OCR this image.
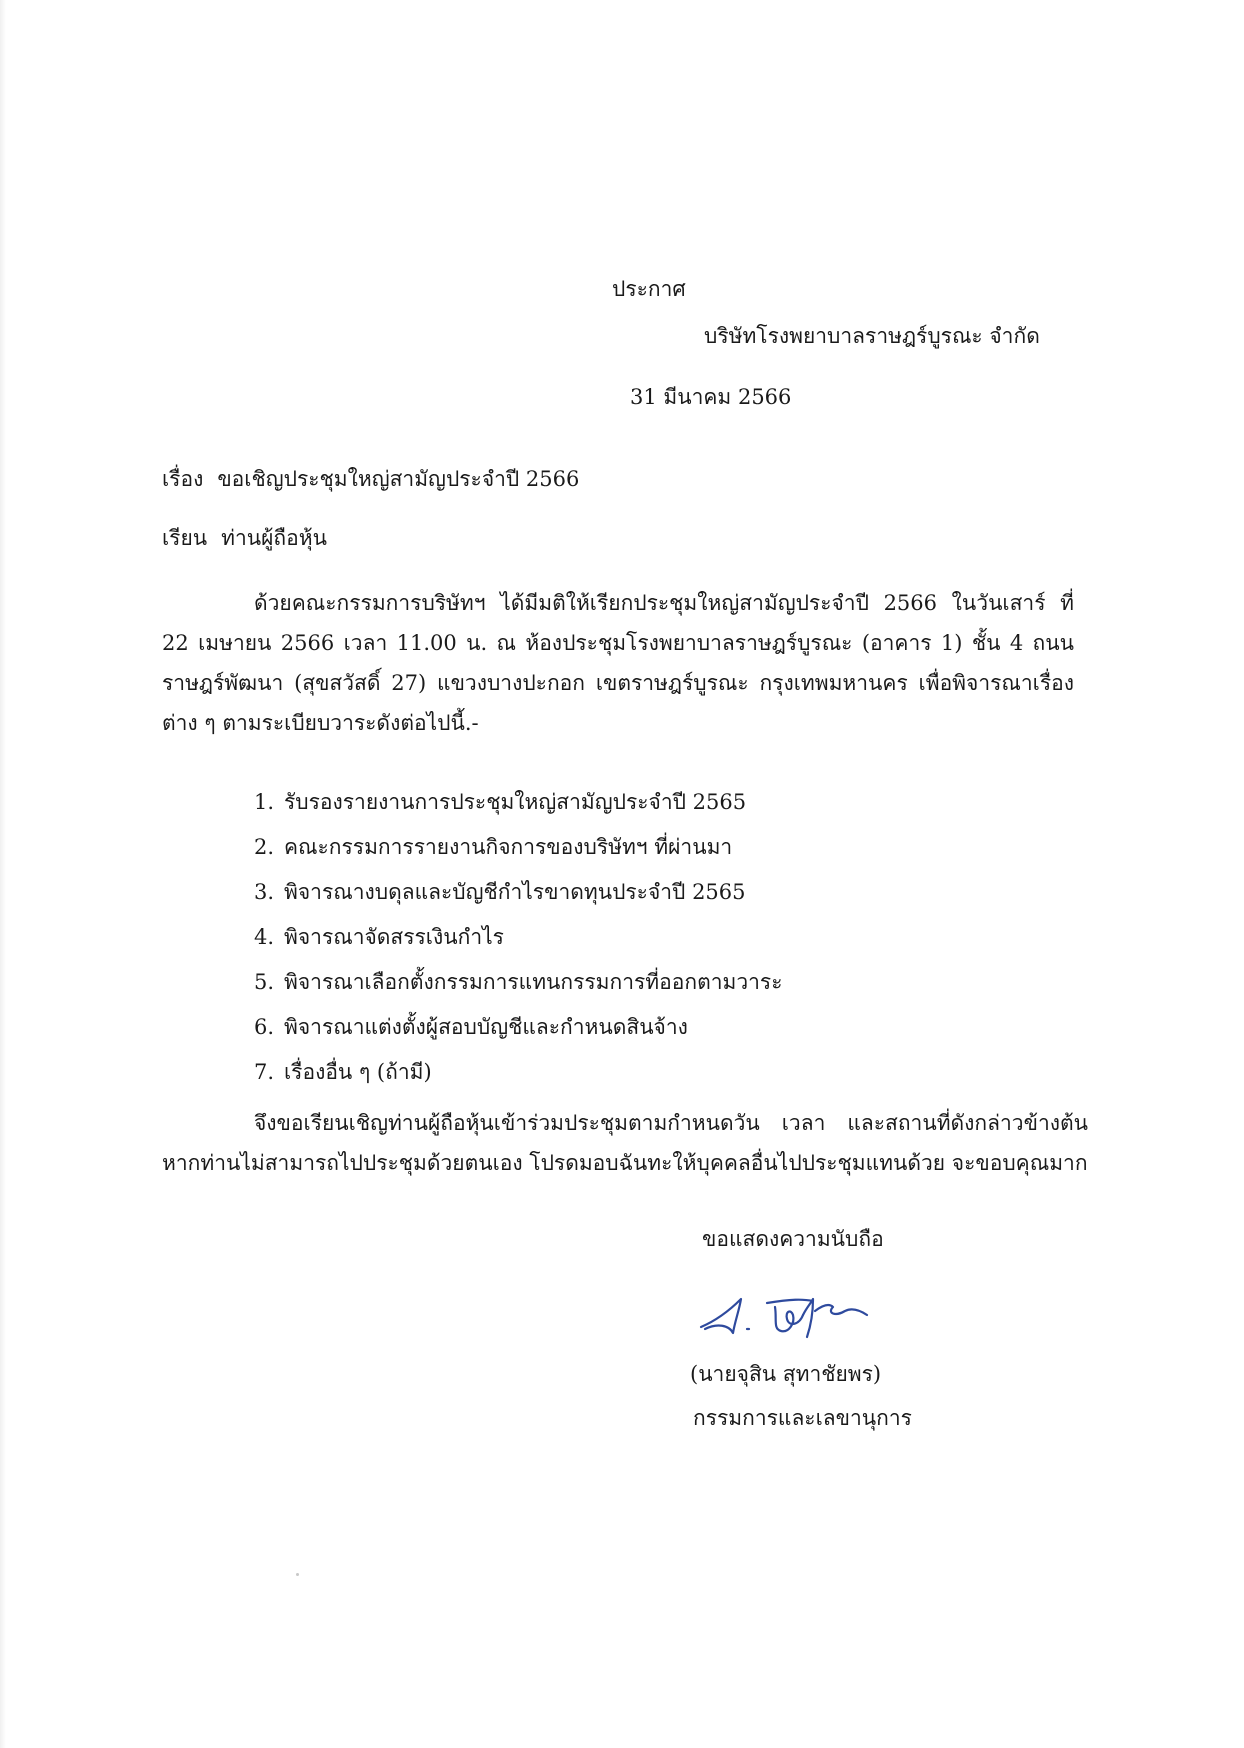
ประกาศ
บริษัทโรงพยาบาลราษฎร์บูรณะ จำกัด
31 มีนาคม 2566
เรื่อง ขอเชิญประชุมใหญ่สามัญประจำปี 2566
เรียน ท่านผู้ถือหุ้น
ด้วยคณะกรรมการบริษัทฯ ได้มีมติให้เรียกประชุมใหญ่สามัญประจำปี 2566 ในวันเสาร์ ที่ 22 เมษายน 2566 เวลา 11.00 น. ณ ห้องประชุมโรงพยาบาลราษฎร์บูรณะ (อาคาร 1) ชั้น 4 ถนนราษฎร์พัฒนา (สุขสวัสดิ์ 27) แขวงบางปะกอก เขตราษฎร์บูรณะ กรุงเทพมหานคร เพื่อพิจารณาเรื่องต่าง ๆ ตามระเบียบวาระดังต่อไปนี้.-
1. รับรองรายงานการประชุมใหญ่สามัญประจำปี 2565
2. คณะกรรมการรายงานกิจการของบริษัทฯ ที่ผ่านมา
3. พิจารณางบดุลและบัญชีกำไรขาดทุนประจำปี 2565
4. พิจารณาจัดสรรเงินกำไร
5. พิจารณาเลือกตั้งกรรมการแทนกรรมการที่ออกตามวาระ
6. พิจารณาแต่งตั้งผู้สอบบัญชีและกำหนดสินจ้าง
7. เรื่องอื่น ๆ (ถ้ามี)
จึงขอเรียนเชิญท่านผู้ถือหุ้นเข้าร่วมประชุมตามกำหนดวัน เวลา และสถานที่ดังกล่าวข้างต้น หากท่านไม่สามารถไปประชุมด้วยตนเอง โปรดมอบฉันทะให้บุคคลอื่นไปประชุมแทนด้วย จะขอบคุณมาก
ขอแสดงความนับถือ
(นายจุสิน สุทาชัยพร)
กรรมการและเลขานุการ
